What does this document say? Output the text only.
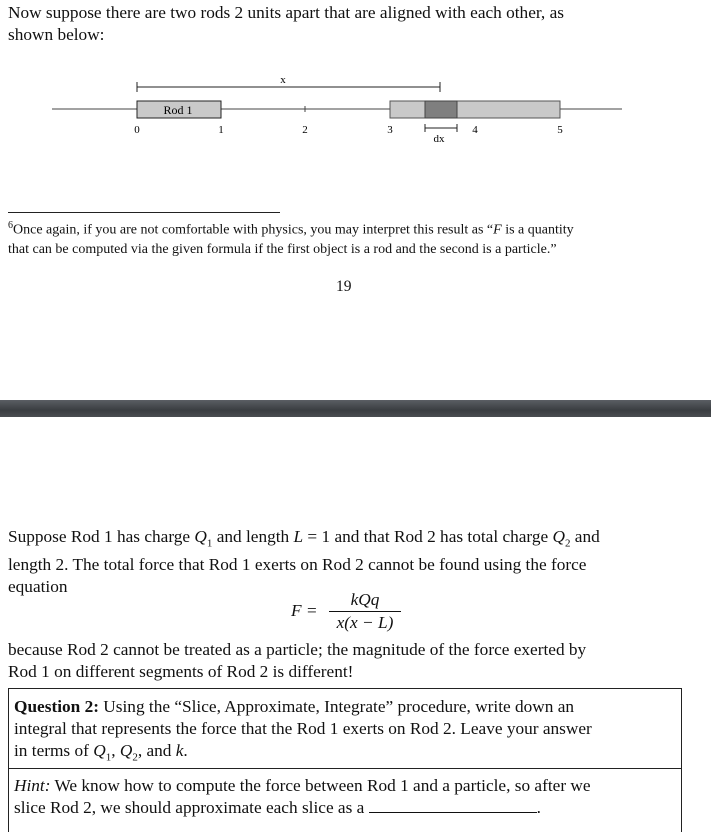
Now suppose there are two rods 2 units apart that are aligned with each other, as
shown below:
x
Rod 1
0	1	2	3	4	5
dx
$^6$Once again, if you are not comfortable with physics, you may interpret this result as “F is a quantity
that can be computed via the given formula if the first object is a rod and the second is a particle.”
19
Suppose Rod 1 has charge $Q_1$ and length L = 1 and that Rod 2 has total charge $Q_2$ and
length 2. The total force that Rod 1 exerts on Rod 2 cannot be found using the force
equation
F =
kQq
x(x − L)
because Rod 2 cannot be treated as a particle; the magnitude of the force exerted by
Rod 1 on different segments of Rod 2 is different!
Question 2: Using the “Slice, Approximate, Integrate” procedure, write down an
integral that represents the force that the Rod 1 exerts on Rod 2. Leave your answer
in terms of $Q_1$, $Q_2$, and k.
Hint: We know how to compute the force between Rod 1 and a particle, so after we
slice Rod 2, we should approximate each slice as a	.
